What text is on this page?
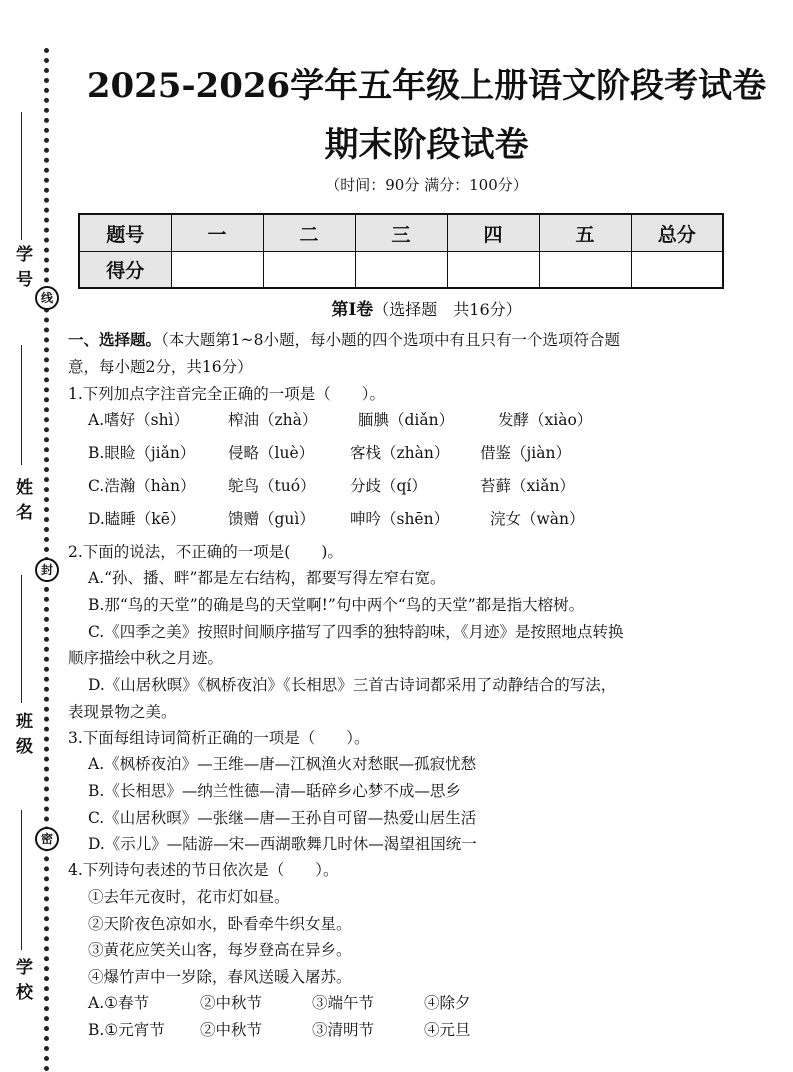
学号
姓名
班级
学校
线
封
密
2025-2026学年五年级上册语文阶段考试卷
期末阶段试卷
（时间：90分 满分：100分）
题号	一	二	三	四	五	总分
得分						
第Ⅰ卷（选择题　共16分）
一、选择题。（本大题第1~8小题，每小题的四个选项中有且只有一个选项符合题
意，每小题2分，共16分）
1.下列加点字注音完全正确的一项是（　　）。
A.嗜好（shì）	榨油（zhà）	腼腆（diǎn）	发酵（xiào）
B.眼睑（jiǎn） 侵略（luè） 客栈（zhàn） 借鉴（jiàn）
C.浩瀚（hàn） 鸵鸟（tuó） 分歧（qí）	苔藓（xiǎn）
D.瞌睡（kē）	馈赠（guì） 呻吟（shēn）	浣女（wàn）
2.下面的说法，不正确的一项是(　　)。
A.“孙、播、畔”都是左右结构，都要写得左窄右宽。
B.那“鸟的天堂”的确是鸟的天堂啊!”句中两个“鸟的天堂”都是指大榕树。
C.《四季之美》按照时间顺序描写了四季的独特韵味，《月迹》是按照地点转换
顺序描绘中秋之月迹。
D.《山居秋暝》《枫桥夜泊》《长相思》三首古诗词都采用了动静结合的写法，
表现景物之美。
3.下面每组诗词简析正确的一项是（　　）。
A.《枫桥夜泊》—王维—唐—江枫渔火对愁眠—孤寂忧愁
B.《长相思》—纳兰性德—清—聒碎乡心梦不成—思乡
C.《山居秋暝》—张继—唐—王孙自可留—热爱山居生活
D.《示儿》—陆游—宋—西湖歌舞几时休—渴望祖国统一
4.下列诗句表述的节日依次是（　　）。
①去年元夜时，花市灯如昼。
②天阶夜色凉如水，卧看牵牛织女星。
③黄花应笑关山客，每岁登高在异乡。
④爆竹声中一岁除，春风送暖入屠苏。
A.①春节	②中秋节	③端午节	④除夕
B.①元宵节 ②中秋节	③清明节	④元旦
